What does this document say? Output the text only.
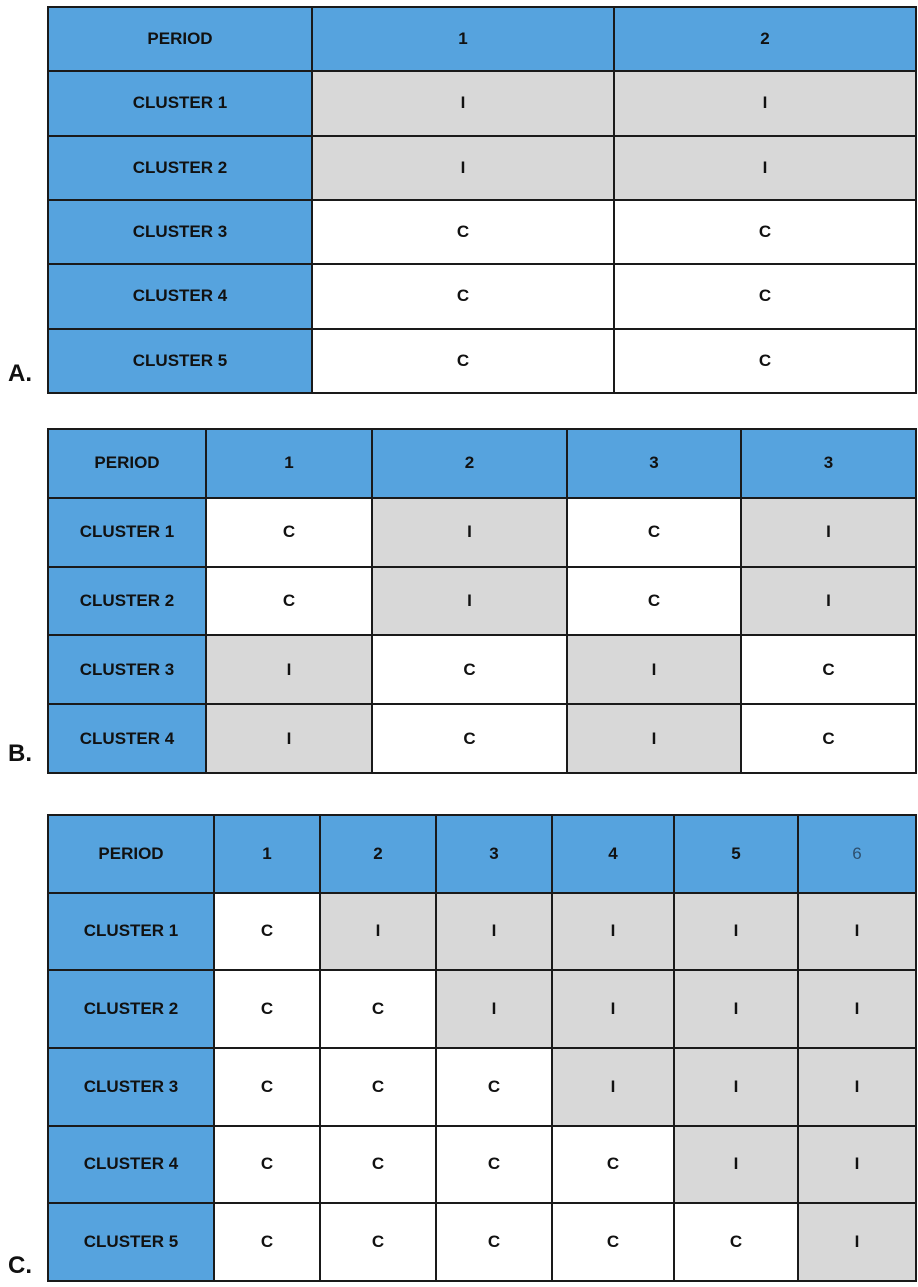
A.
PERIOD	1	2
CLUSTER 1	I	I
CLUSTER 2	I	I
CLUSTER 3	C	C
CLUSTER 4	C	C
CLUSTER 5	C	C
B.
PERIOD	1	2	3	3
CLUSTER 1	C	I	C	I
CLUSTER 2	C	I	C	I
CLUSTER 3	I	C	I	C
CLUSTER 4	I	C	I	C
C.
PERIOD	1	2	3	4	5	6
CLUSTER 1	C	I	I	I	I	I
CLUSTER 2	C	C	I	I	I	I
CLUSTER 3	C	C	C	I	I	I
CLUSTER 4	C	C	C	C	I	I
CLUSTER 5	C	C	C	C	C	I
